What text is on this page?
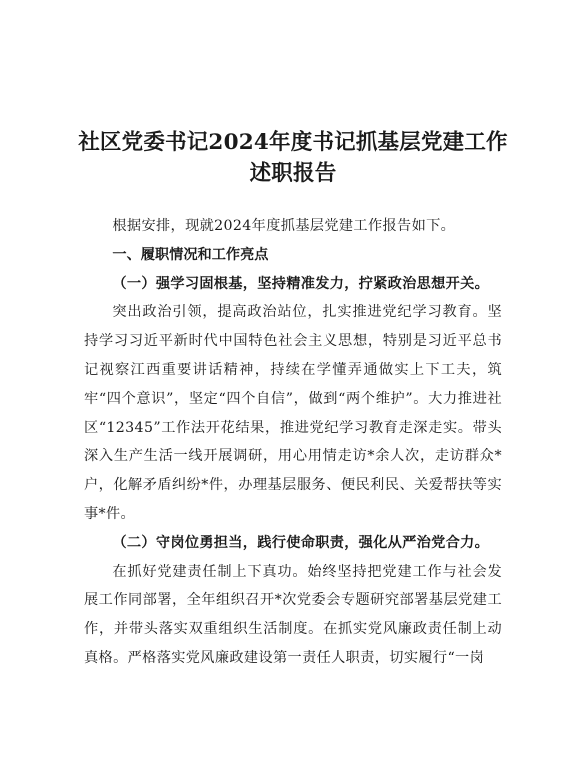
社区党委书记2024年度书记抓基层党建工作述职报告

根据安排，现就2024年度抓基层党建工作报告如下。

一、履职情况和工作亮点

（一）强学习固根基，坚持精准发力，拧紧政治思想开关。

突出政治引领，提高政治站位，扎实推进党纪学习教育。坚持学习习近平新时代中国特色社会主义思想，特别是习近平总书记视察江西重要讲话精神，持续在学懂弄通做实上下工夫，筑牢“四个意识”，坚定“四个自信”，做到“两个维护”。大力推进社区“12345”工作法开花结果，推进党纪学习教育走深走实。带头深入生产生活一线开展调研，用心用情走访*余人次，走访群众*户，化解矛盾纠纷*件，办理基层服务、便民利民、关爱帮扶等实事*件。

（二）守岗位勇担当，践行使命职责，强化从严治党合力。

在抓好党建责任制上下真功。始终坚持把党建工作与社会发展工作同部署，全年组织召开*次党委会专题研究部署基层党建工作，并带头落实双重组织生活制度。在抓实党风廉政责任制上动真格。严格落实党风廉政建设第一责任人职责，切实履行“一岗
